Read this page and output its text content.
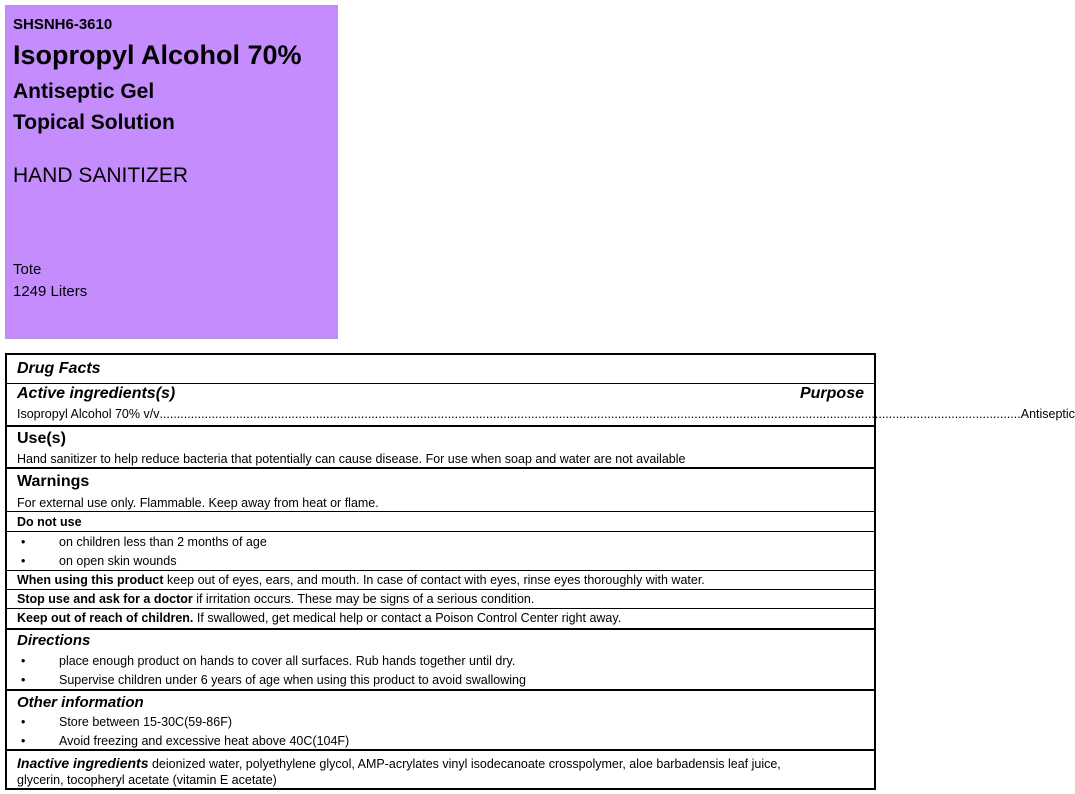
SHSNH6-3610
Isopropyl Alcohol 70%
Antiseptic Gel
Topical Solution
HAND SANITIZER
Tote
1249 Liters
Drug Facts
Active ingredients(s)	Purpose
Isopropyl Alcohol 70% v/v ........................................................................................................................................................................................................................................................ Antiseptic
Use(s)
Hand sanitizer to help reduce bacteria that potentially can cause disease. For use when soap and water are not available
Warnings
For external use only. Flammable. Keep away from heat or flame.
Do not use
•	on children less than 2 months of age
•	on open skin wounds
When using this product keep out of eyes, ears, and mouth. In case of contact with eyes, rinse eyes thoroughly with water.
Stop use and ask for a doctor if irritation occurs. These may be signs of a serious condition.
Keep out of reach of children. If swallowed, get medical help or contact a Poison Control Center right away.
Directions
•	place enough product on hands to cover all surfaces. Rub hands together until dry.
•	Supervise children under 6 years of age when using this product to avoid swallowing
Other information
•	Store between 15-30C(59-86F)
•	Avoid freezing and excessive heat above 40C(104F)
Inactive ingredients deionized water, polyethylene glycol, AMP-acrylates vinyl isodecanoate crosspolymer, aloe barbadensis leaf juice,
glycerin, tocopheryl acetate (vitamin E acetate)
